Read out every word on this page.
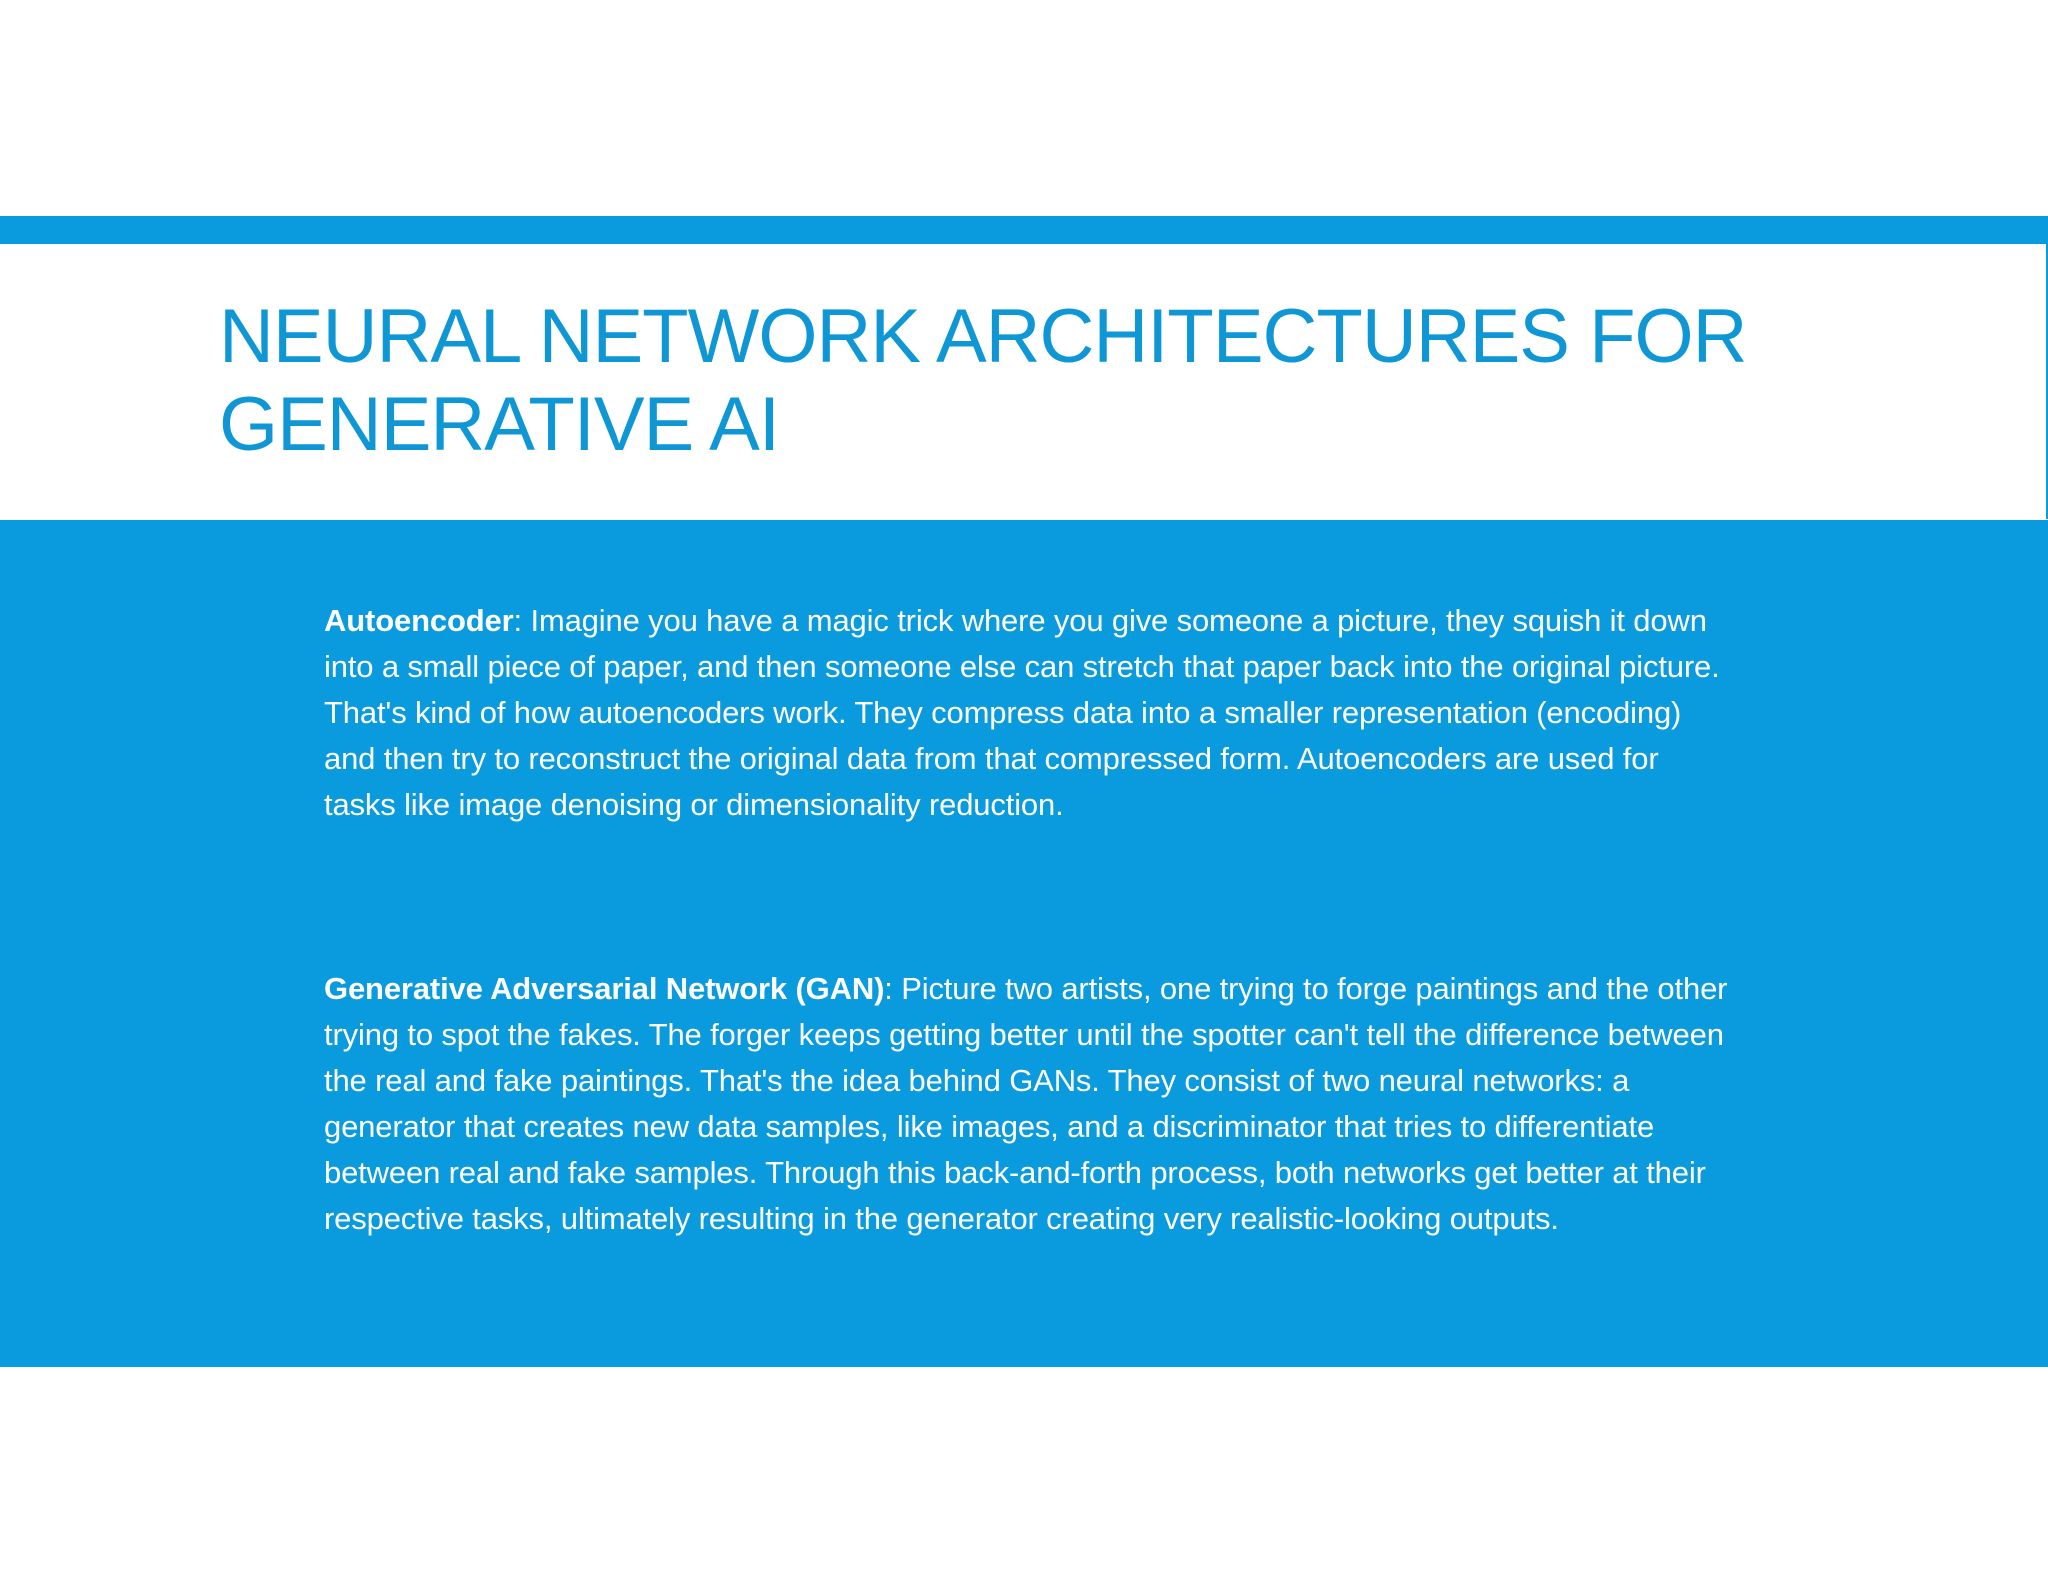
NEURAL NETWORK ARCHITECTURES FOR
GENERATIVE AI

Autoencoder: Imagine you have a magic trick where you give someone a picture, they squish it down into a small piece of paper, and then someone else can stretch that paper back into the original picture. That's kind of how autoencoders work. They compress data into a smaller representation (encoding) and then try to reconstruct the original data from that compressed form. Autoencoders are used for tasks like image denoising or dimensionality reduction.

Generative Adversarial Network (GAN): Picture two artists, one trying to forge paintings and the other trying to spot the fakes. The forger keeps getting better until the spotter can't tell the difference between the real and fake paintings. That's the idea behind GANs. They consist of two neural networks: a generator that creates new data samples, like images, and a discriminator that tries to differentiate between real and fake samples. Through this back-and-forth process, both networks get better at their respective tasks, ultimately resulting in the generator creating very realistic-looking outputs.
